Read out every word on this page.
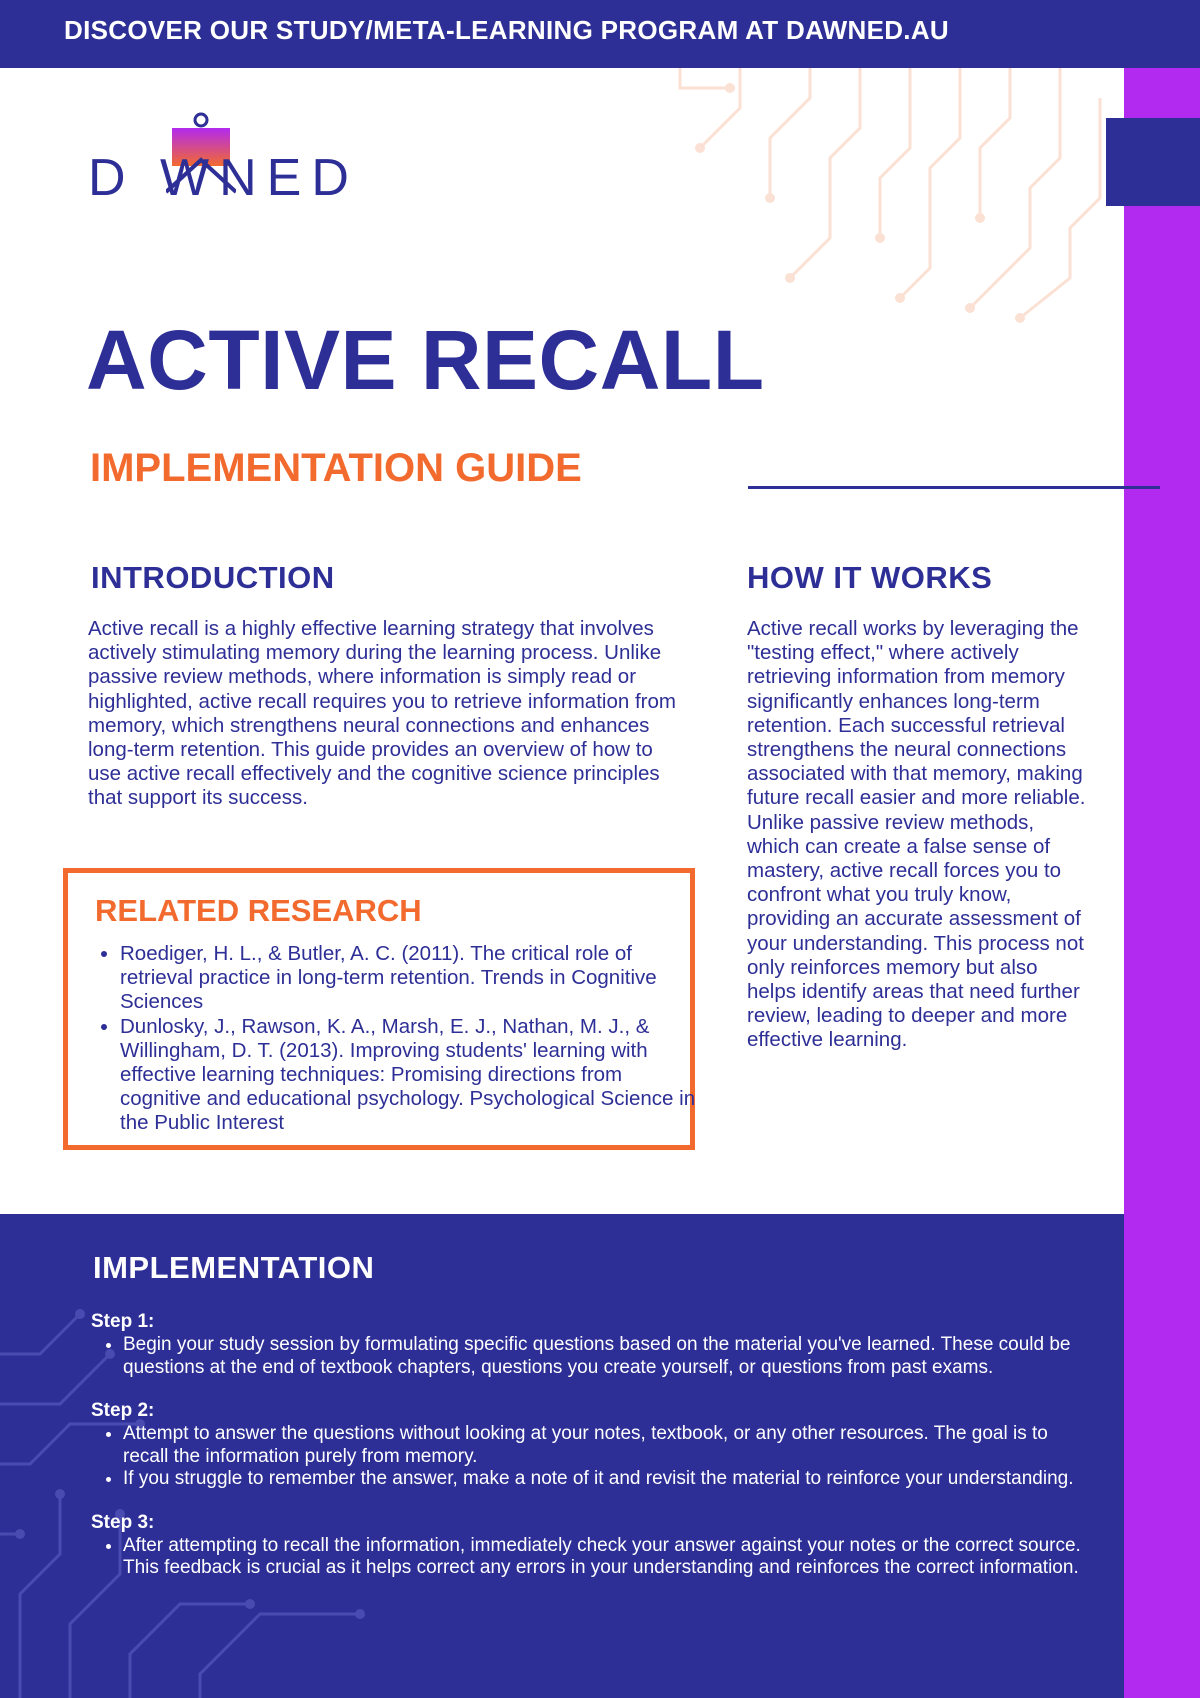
DISCOVER OUR STUDY/META-LEARNING PROGRAM AT DAWNED.AU
D WNED
ACTIVE RECALL
IMPLEMENTATION GUIDE
INTRODUCTION
Active recall is a highly effective learning strategy that involves actively stimulating memory during the learning process. Unlike passive review methods, where information is simply read or highlighted, active recall requires you to retrieve information from memory, which strengthens neural connections and enhances long-term retention. This guide provides an overview of how to use active recall effectively and the cognitive science principles that support its success.
HOW IT WORKS
Active recall works by leveraging the "testing effect," where actively retrieving information from memory significantly enhances long-term retention. Each successful retrieval strengthens the neural connections associated with that memory, making future recall easier and more reliable. Unlike passive review methods, which can create a false sense of mastery, active recall forces you to confront what you truly know, providing an accurate assessment of your understanding. This process not only reinforces memory but also helps identify areas that need further review, leading to deeper and more effective learning.
RELATED RESEARCH
• Roediger, H. L., & Butler, A. C. (2011). The critical role of retrieval practice in long-term retention. Trends in Cognitive Sciences
• Dunlosky, J., Rawson, K. A., Marsh, E. J., Nathan, M. J., & Willingham, D. T. (2013). Improving students' learning with effective learning techniques: Promising directions from cognitive and educational psychology. Psychological Science in the Public Interest
IMPLEMENTATION
Step 1:
• Begin your study session by formulating specific questions based on the material you've learned. These could be questions at the end of textbook chapters, questions you create yourself, or questions from past exams.
Step 2:
• Attempt to answer the questions without looking at your notes, textbook, or any other resources. The goal is to recall the information purely from memory.
• If you struggle to remember the answer, make a note of it and revisit the material to reinforce your understanding.
Step 3:
• After attempting to recall the information, immediately check your answer against your notes or the correct source. This feedback is crucial as it helps correct any errors in your understanding and reinforces the correct information.
